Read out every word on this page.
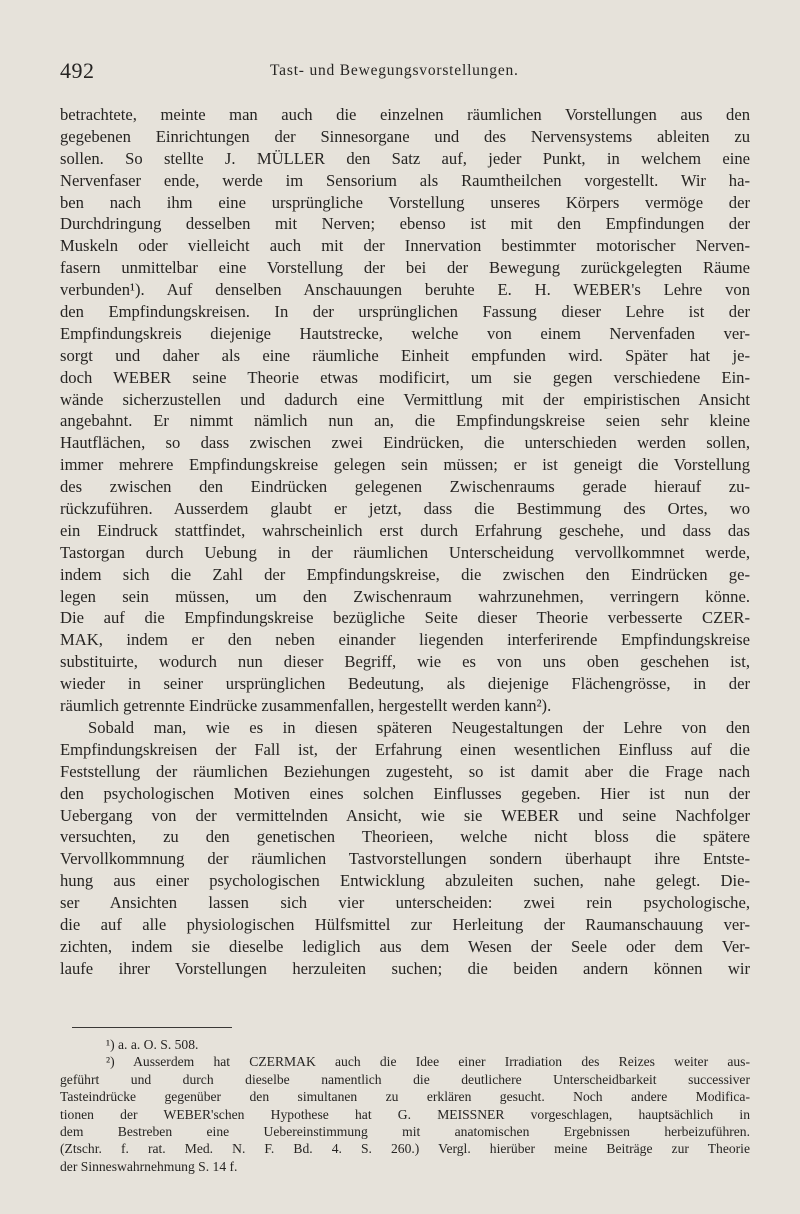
492	Tast- und Bewegungsvorstellungen.
betrachtete, meinte man auch die einzelnen räumlichen Vorstellungen aus den
gegebenen Einrichtungen der Sinnesorgane und des Nervensystems ableiten zu
sollen. So stellte J. MÜLLER den Satz auf, jeder Punkt, in welchem eine
Nervenfaser ende, werde im Sensorium als Raumtheilchen vorgestellt. Wir ha-
ben nach ihm eine ursprüngliche Vorstellung unseres Körpers vermöge der
Durchdringung desselben mit Nerven; ebenso ist mit den Empfindungen der
Muskeln oder vielleicht auch mit der Innervation bestimmter motorischer Nerven-
fasern unmittelbar eine Vorstellung der bei der Bewegung zurückgelegten Räume
verbunden¹). Auf denselben Anschauungen beruhte E. H. WEBER's Lehre von
den Empfindungskreisen. In der ursprünglichen Fassung dieser Lehre ist der
Empfindungskreis diejenige Hautstrecke, welche von einem Nervenfaden ver-
sorgt und daher als eine räumliche Einheit empfunden wird. Später hat je-
doch WEBER seine Theorie etwas modificirt, um sie gegen verschiedene Ein-
wände sicherzustellen und dadurch eine Vermittlung mit der empiristischen Ansicht
angebahnt. Er nimmt nämlich nun an, die Empfindungskreise seien sehr kleine
Hautflächen, so dass zwischen zwei Eindrücken, die unterschieden werden sollen,
immer mehrere Empfindungskreise gelegen sein müssen; er ist geneigt die Vorstellung
des zwischen den Eindrücken gelegenen Zwischenraums gerade hierauf zu-
rückzuführen. Ausserdem glaubt er jetzt, dass die Bestimmung des Ortes, wo
ein Eindruck stattfindet, wahrscheinlich erst durch Erfahrung geschehe, und dass das
Tastorgan durch Uebung in der räumlichen Unterscheidung vervollkommnet werde,
indem sich die Zahl der Empfindungskreise, die zwischen den Eindrücken ge-
legen sein müssen, um den Zwischenraum wahrzunehmen, verringern könne.
Die auf die Empfindungskreise bezügliche Seite dieser Theorie verbesserte CZER-
MAK, indem er den neben einander liegenden interferirende Empfindungskreise
substituirte, wodurch nun dieser Begriff, wie es von uns oben geschehen ist,
wieder in seiner ursprünglichen Bedeutung, als diejenige Flächengrösse, in der
räumlich getrennte Eindrücke zusammenfallen, hergestellt werden kann²).
Sobald man, wie es in diesen späteren Neugestaltungen der Lehre von den
Empfindungskreisen der Fall ist, der Erfahrung einen wesentlichen Einfluss auf die
Feststellung der räumlichen Beziehungen zugesteht, so ist damit aber die Frage nach
den psychologischen Motiven eines solchen Einflusses gegeben. Hier ist nun der
Uebergang von der vermittelnden Ansicht, wie sie WEBER und seine Nachfolger
versuchten, zu den genetischen Theorieen, welche nicht bloss die spätere
Vervollkommnung der räumlichen Tastvorstellungen sondern überhaupt ihre Entste-
hung aus einer psychologischen Entwicklung abzuleiten suchen, nahe gelegt. Die-
ser Ansichten lassen sich vier unterscheiden: zwei rein psychologische,
die auf alle physiologischen Hülfsmittel zur Herleitung der Raumanschauung ver-
zichten, indem sie dieselbe lediglich aus dem Wesen der Seele oder dem Ver-
laufe ihrer Vorstellungen herzuleiten suchen; die beiden andern können wir
¹) a. a. O. S. 508.
²) Ausserdem hat CZERMAK auch die Idee einer Irradiation des Reizes weiter aus-
geführt und durch dieselbe namentlich die deutlichere Unterscheidbarkeit successiver
Tasteindrücke gegenüber den simultanen zu erklären gesucht. Noch andere Modifica-
tionen der WEBER'schen Hypothese hat G. MEISSNER vorgeschlagen, hauptsächlich in
dem Bestreben eine Uebereinstimmung mit anatomischen Ergebnissen herbeizuführen.
(Ztschr. f. rat. Med. N. F. Bd. 4. S. 260.) Vergl. hierüber meine Beiträge zur Theorie
der Sinneswahrnehmung S. 14 f.
